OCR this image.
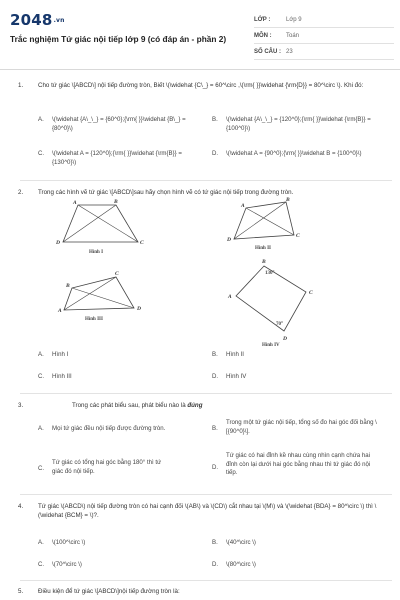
2048.vn
Trắc nghiệm Tứ giác nội tiếp lớp 9 (có đáp án - phần 2)
LỚP :	Lớp 9
MÔN :	Toán
SỐ CÂU : 23
1. Cho tứ giác \[ABCD\] nội tiếp đường tròn, Biết \(\widehat {C\_} = 60^\circ ,\(\rm{ }}\widehat {\rm{D}} = 80^\circ \). Khi đó:
A. \(\widehat {A\_\_} = {60^0};{\rm{ }}\widehat {B\_} = {80^0}\)
B. \(\widehat {A\_\_} = {120^0};{\rm{ }}\widehat {\rm{B}} = {100^0}\)
C. \(\widehat A = {120^0};{\rm{ }}\widehat {\rm{B}} = {130^0}\)
D. \(\widehat A = {90^0};{\rm{ }}\widehat B = {100^0}\)
2. Trong các hình vẽ tứ giác \[ABCD\]sau hãy chọn hình vẽ có tứ giác nội tiếp trong đường tròn.
A	B
C
D
Hình I
A
B
C
D
Hình II
B
C
D
A
Hình III
B
C
D
A
130°
70°
Hình IV
A. Hình I	B. Hình II
C. Hình III	D. Hình IV
3.	Trong các phát biểu sau, phát biểu nào là đúng
A. Mọi tứ giác đều nội tiếp được đường tròn.	B.
Trong một tứ giác nội tiếp, tổng số đo hai góc đối bằng \[{90^0}\].
C.
Tứ giác có tổng hai góc bằng 180° thì tứ giác đó nội tiếp.
D.
Tứ giác có hai đỉnh kề nhau cùng nhìn cạnh chứa hai đỉnh còn lại dưới hai góc bằng nhau thì tứ giác đó nội tiếp.
4. Tứ giác \(ABCD\) nội tiếp đường tròn có hai cạnh đối \(AB\) và \(CD\) cắt nhau tại \(M\) và \(\widehat {BDA} = 80^\circ \) thì \(\widehat {BCM} = \)?.
A. \(100^\circ \)	B. \(40^\circ \)
C. \(70^\circ \)	D. \(80^\circ \)
5. Điều kiện để tứ giác \[ABCD\]nội tiếp đường tròn là:
